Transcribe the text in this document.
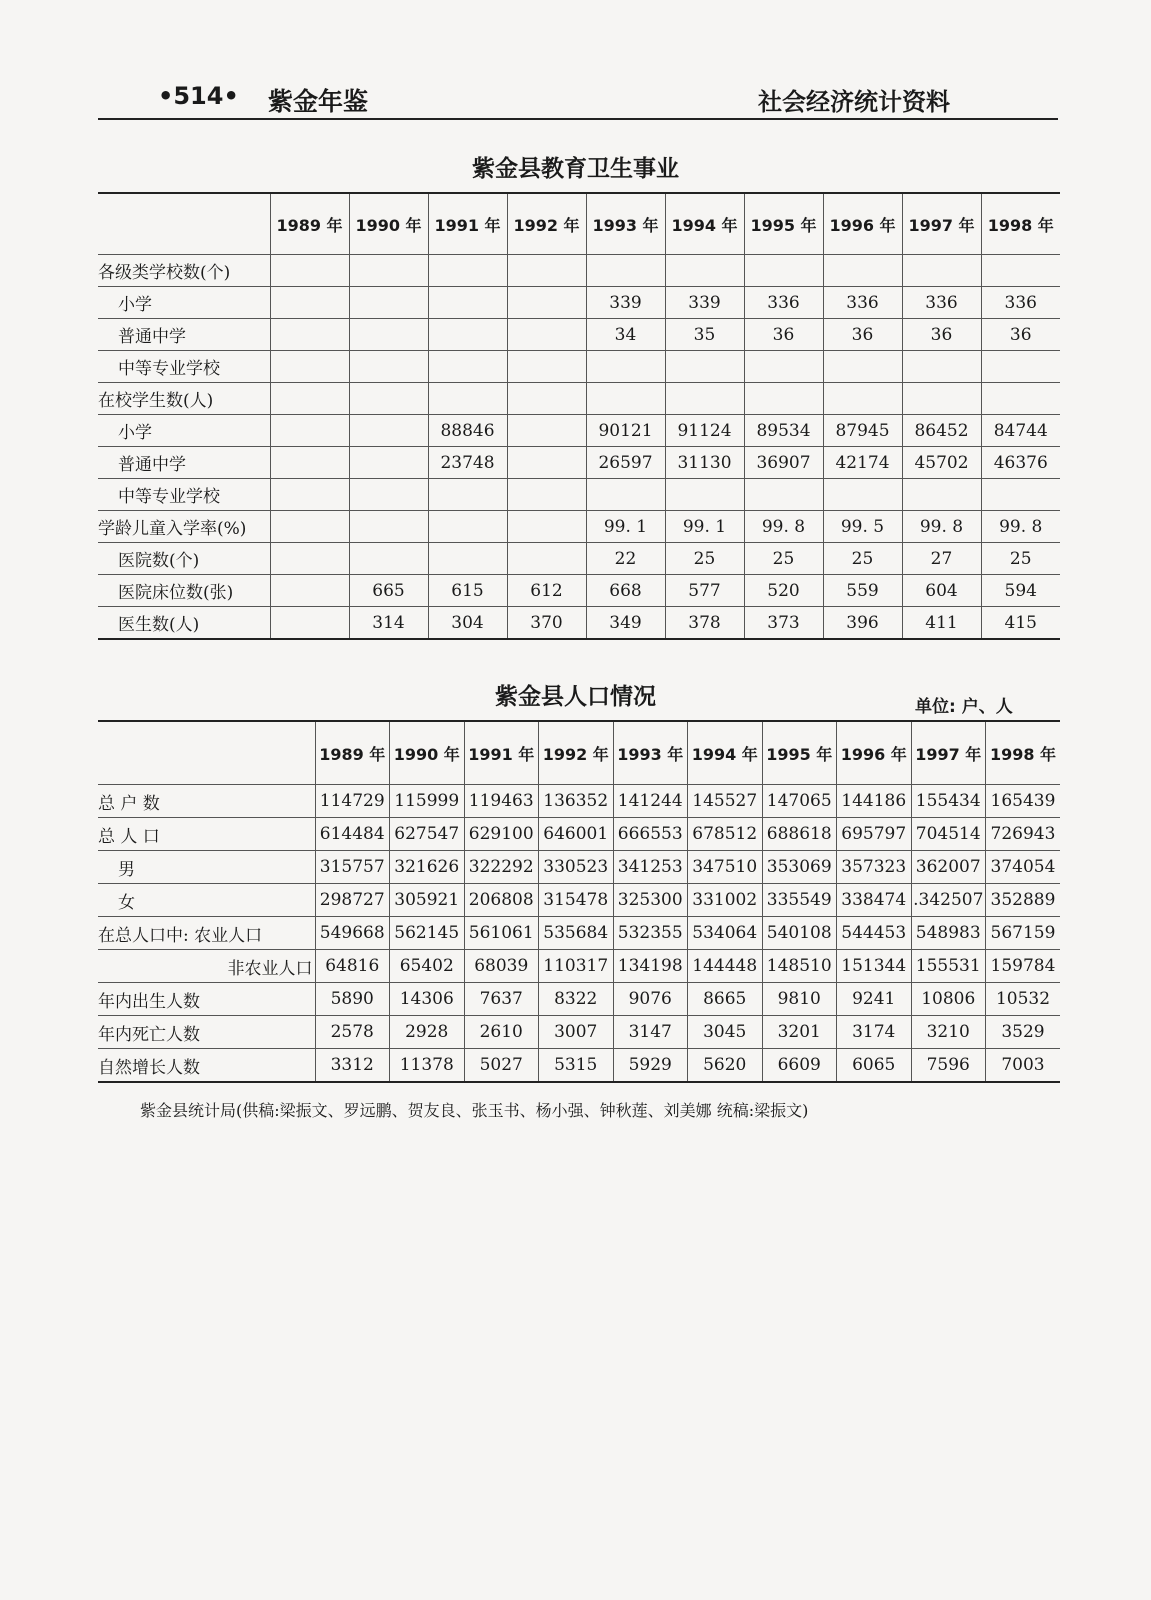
•514• 紫金年鉴	社会经济统计资料
紫金县教育卫生事业
	1989 年	1990 年	1991 年	1992 年	1993 年	1994 年	1995 年	1996 年	1997 年	1998 年
各级类学校数(个)										
小学					339	339	336	336	336	336
普通中学					34	35	36	36	36	36
中等专业学校										
在校学生数(人)										
小学			88846		90121	91124	89534	87945	86452	84744
普通中学			23748		26597	31130	36907	42174	45702	46376
中等专业学校										
学龄儿童入学率(%)					99. 1	99. 1	99. 8	99. 5	99. 8	99. 8
医院数(个)					22	25	25	25	27	25
医院床位数(张)		665	615	612	668	577	520	559	604	594
医生数(人)		314	304	370	349	378	373	396	411	415
紫金县人口情况	单位: 户、人
	1989 年	1990 年	1991 年	1992 年	1993 年	1994 年	1995 年	1996 年	1997 年	1998 年
总 户 数	114729	115999	119463	136352	141244	145527	147065	144186	155434	165439
总 人 口	614484	627547	629100	646001	666553	678512	688618	695797	704514	726943
男	315757	321626	322292	330523	341253	347510	353069	357323	362007	374054
女	298727	305921	206808	315478	325300	331002	335549	338474	.342507	352889
在总人口中: 农业人口	549668	562145	561061	535684	532355	534064	540108	544453	548983	567159
非农业人口	64816	65402	68039	110317	134198	144448	148510	151344	155531	159784
年内出生人数	5890	14306	7637	8322	9076	8665	9810	9241	10806	10532
年内死亡人数	2578	2928	2610	3007	3147	3045	3201	3174	3210	3529
自然增长人数	3312	11378	5027	5315	5929	5620	6609	6065	7596	7003
紫金县统计局(供稿:梁振文、罗远鹏、贺友良、张玉书、杨小强、钟秋莲、刘美娜 统稿:梁振文)
